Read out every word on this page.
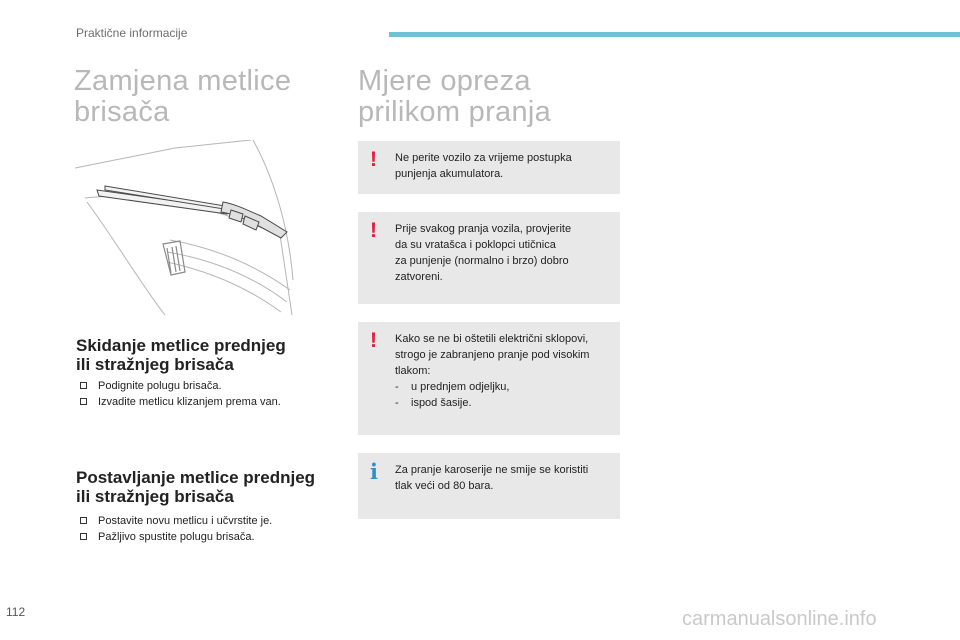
Praktične informacije
Zamjena metlice
brisača
Mjere opreza
prilikom pranja
Skidanje metlice prednjeg
ili stražnjeg brisača
Podignite polugu brisača.
Izvadite metlicu klizanjem prema van.
Postavljanje metlice prednjeg
ili stražnjeg brisača
Postavite novu metlicu i učvrstite je.
Pažljivo spustite polugu brisača.
! Ne perite vozilo za vrijeme postupka
punjenja akumulatora.
! Prije svakog pranja vozila, provjerite
da su vratašca i poklopci utičnica
za punjenje (normalno i brzo) dobro
zatvoreni.
! Kako se ne bi oštetili električni sklopovi,
strogo je zabranjeno pranje pod visokim
tlakom:
- u prednjem odjeljku,
- ispod šasije.
i Za pranje karoserije ne smije se koristiti
tlak veći od 80 bara.
112	carmanualsonline.info
